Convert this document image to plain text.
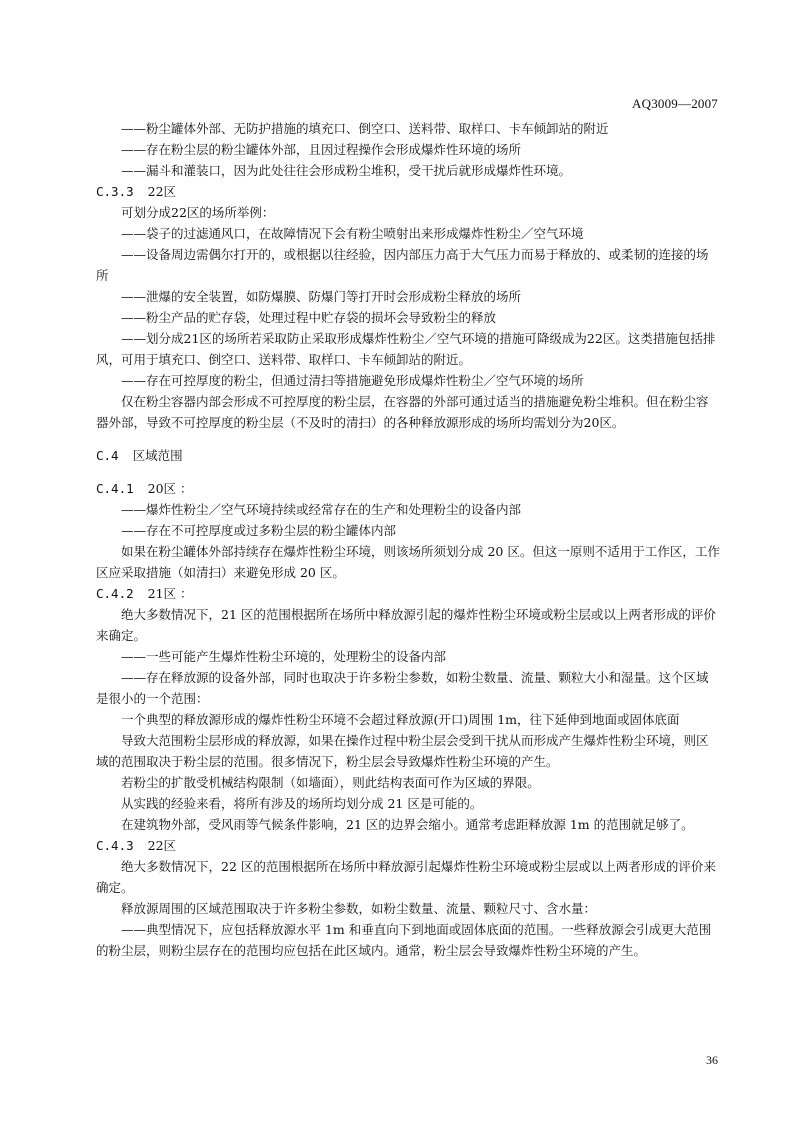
AQ3009—2007

——粉尘罐体外部、无防护措施的填充口、倒空口、送料带、取样口、卡车倾卸站的附近

——存在粉尘层的粉尘罐体外部，且因过程操作会形成爆炸性环境的场所

——漏斗和灌装口，因为此处往往会形成粉尘堆积，受干扰后就形成爆炸性环境。

C.3.3 22区

可划分成22区的场所举例：

——袋子的过滤通风口，在故障情况下会有粉尘喷射出来形成爆炸性粉尘／空气环境

——设备周边需偶尔打开的，或根据以往经验，因内部压力高于大气压力而易于释放的、或柔韧的连接的场所

——泄爆的安全装置，如防爆膜、防爆门等打开时会形成粉尘释放的场所

——粉尘产品的贮存袋，处理过程中贮存袋的损坏会导致粉尘的释放

——划分成21区的场所若采取防止采取形成爆炸性粉尘／空气环境的措施可降级成为22区。这类措施包括排风，可用于填充口、倒空口、送料带、取样口、卡车倾卸站的附近。

——存在可控厚度的粉尘，但通过清扫等措施避免形成爆炸性粉尘／空气环境的场所

仅在粉尘容器内部会形成不可控厚度的粉尘层，在容器的外部可通过适当的措施避免粉尘堆积。但在粉尘容器外部，导致不可控厚度的粉尘层（不及时的清扫）的各种释放源形成的场所均需划分为20区。

C.4 区域范围

C.4.1 20区 ：

——爆炸性粉尘／空气环境持续或经常存在的生产和处理粉尘的设备内部

——存在不可控厚度或过多粉尘层的粉尘罐体内部

如果在粉尘罐体外部持续存在爆炸性粉尘环境，则该场所须划分成 20 区。但这一原则不适用于工作区，工作区应采取措施（如清扫）来避免形成 20 区。

C.4.2 21区 ：

绝大多数情况下，21 区的范围根据所在场所中释放源引起的爆炸性粉尘环境或粉尘层或以上两者形成的评价来确定。

——一些可能产生爆炸性粉尘环境的，处理粉尘的设备内部

——存在释放源的设备外部，同时也取决于许多粉尘参数，如粉尘数量、流量、颗粒大小和湿量。这个区域是很小的一个范围：

一个典型的释放源形成的爆炸性粉尘环境不会超过释放源(开口)周围 1m，往下延伸到地面或固体底面

导致大范围粉尘层形成的释放源，如果在操作过程中粉尘层会受到干扰从而形成产生爆炸性粉尘环境，则区域的范围取决于粉尘层的范围。很多情况下，粉尘层会导致爆炸性粉尘环境的产生。

若粉尘的扩散受机械结构限制（如墙面），则此结构表面可作为区域的界限。

从实践的经验来看，将所有涉及的场所均划分成 21 区是可能的。

在建筑物外部，受风雨等气候条件影响，21 区的边界会缩小。通常考虑距释放源 1m 的范围就足够了。

C.4.3 22区

绝大多数情况下，22 区的范围根据所在场所中释放源引起爆炸性粉尘环境或粉尘层或以上两者形成的评价来确定。

释放源周围的区域范围取决于许多粉尘参数，如粉尘数量、流量、颗粒尺寸、含水量：

——典型情况下，应包括释放源水平 1m 和垂直向下到地面或固体底面的范围。一些释放源会引成更大范围的粉尘层，则粉尘层存在的范围均应包括在此区域内。通常，粉尘层会导致爆炸性粉尘环境的产生。

36
